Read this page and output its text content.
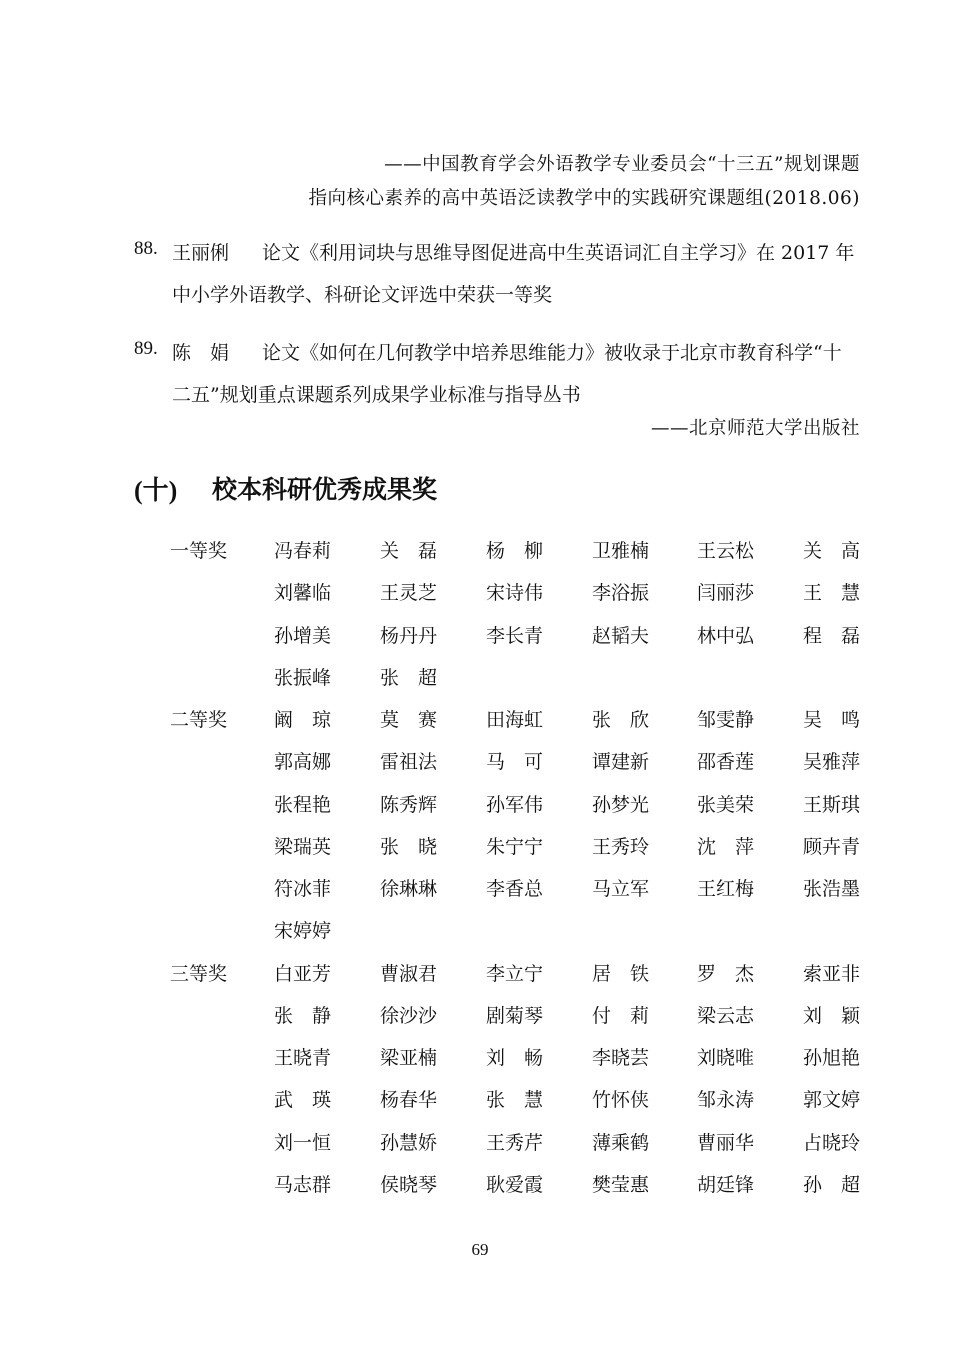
——中国教育学会外语教学专业委员会“十三五”规划课题
指向核心素养的高中英语泛读教学中的实践研究课题组(2018.06)
88. 王丽俐 论文《利用词块与思维导图促进高中生英语词汇自主学习》在 2017 年
中小学外语教学、科研论文评选中荣获一等奖
89. 陈　娟 论文《如何在几何教学中培养思维能力》被收录于北京市教育科学“十
二五”规划重点课题系列成果学业标准与指导丛书
——北京师范大学出版社
(十) 校本科研优秀成果奖
一等奖 冯春莉	关 磊	杨 柳	卫雅楠	王云松	关 高
刘馨临	王灵芝	宋诗伟	李浴振	闫丽莎	王 慧
孙增美	杨丹丹	李长青	赵韬夫	林中弘	程 磊
张振峰	张 超
二等奖 阚 琼	莫 赛	田海虹	张 欣	邹雯静	吴 鸣
郭高娜	雷祖法	马 可	谭建新	邵香莲	吴雅萍
张程艳	陈秀辉	孙军伟	孙梦光	张美荣	王斯琪
梁瑞英	张 晓	朱宁宁	王秀玲	沈 萍	顾卉青
符冰菲	徐琳琳	李香总	马立军	王红梅	张浩墨
宋婷婷
三等奖 白亚芳	曹淑君	李立宁	居 铁	罗 杰	索亚非
张 静	徐沙沙	剧菊琴	付 莉	梁云志	刘 颖
王晓青	梁亚楠	刘 畅	李晓芸	刘晓唯	孙旭艳
武 瑛	杨春华	张 慧	竹怀侠	邹永涛	郭文婷
刘一恒	孙慧娇	王秀芹	薄乘鹤	曹丽华	占晓玲
马志群	侯晓琴	耿爱霞	樊莹惠	胡廷锋	孙 超
69
